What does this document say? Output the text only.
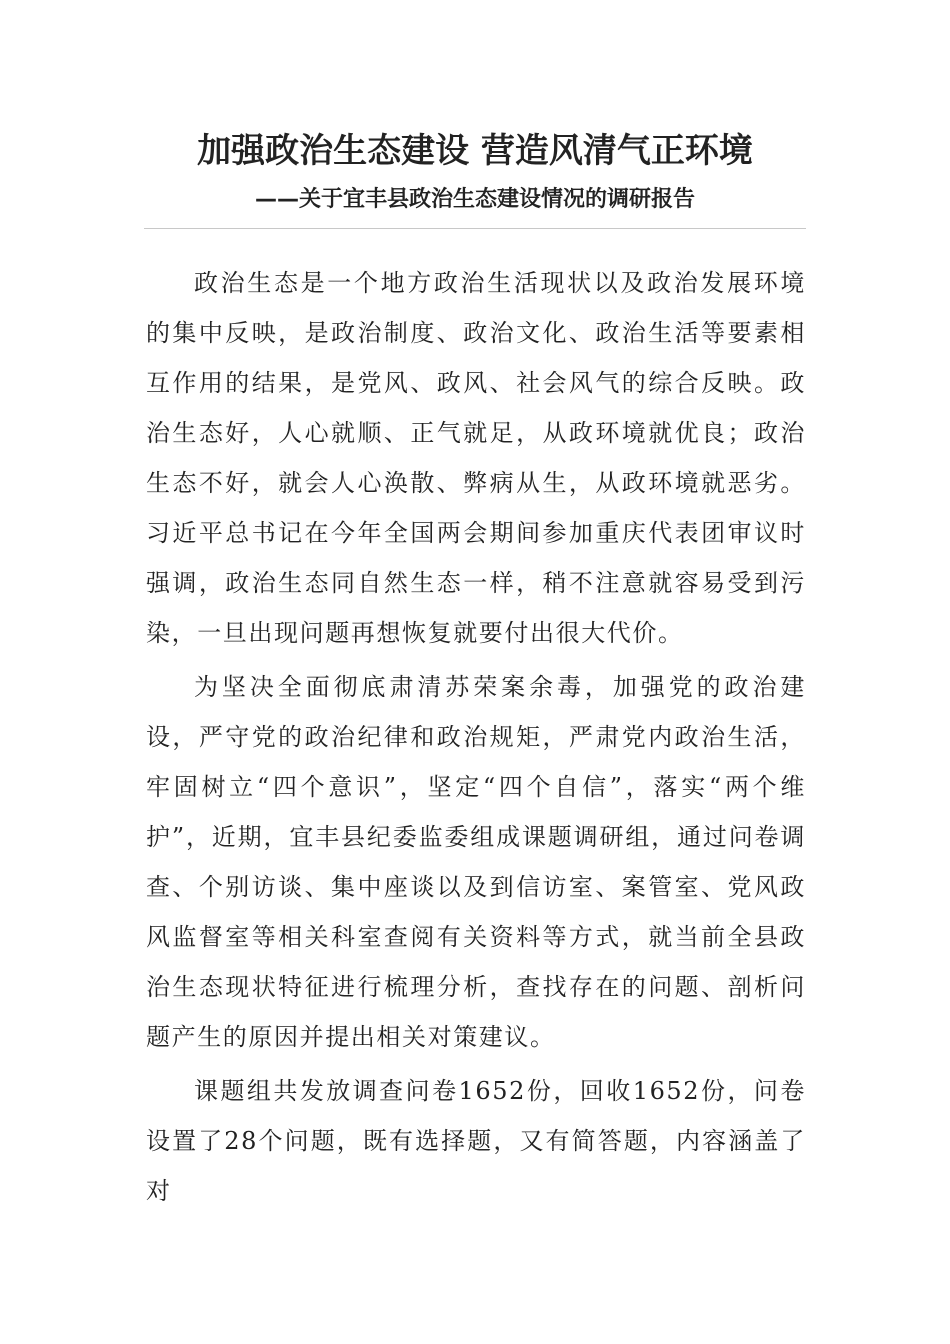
加强政治生态建设 营造风清气正环境
——关于宜丰县政治生态建设情况的调研报告

政治生态是一个地方政治生活现状以及政治发展环境的集中反映，是政治制度、政治文化、政治生活等要素相互作用的结果，是党风、政风、社会风气的综合反映。政治生态好，人心就顺、正气就足，从政环境就优良；政治生态不好，就会人心涣散、弊病从生，从政环境就恶劣。习近平总书记在今年全国两会期间参加重庆代表团审议时强调，政治生态同自然生态一样，稍不注意就容易受到污染，一旦出现问题再想恢复就要付出很大代价。

为坚决全面彻底肃清苏荣案余毒，加强党的政治建设，严守党的政治纪律和政治规矩，严肃党内政治生活，牢固树立“四个意识”，坚定“四个自信”，落实“两个维护”，近期，宜丰县纪委监委组成课题调研组，通过问卷调查、个别访谈、集中座谈以及到信访室、案管室、党风政风监督室等相关科室查阅有关资料等方式，就当前全县政治生态现状特征进行梳理分析，查找存在的问题、剖析问题产生的原因并提出相关对策建议。

课题组共发放调查问卷1652份，回收1652份，问卷设置了28个问题，既有选择题，又有简答题，内容涵盖了对
